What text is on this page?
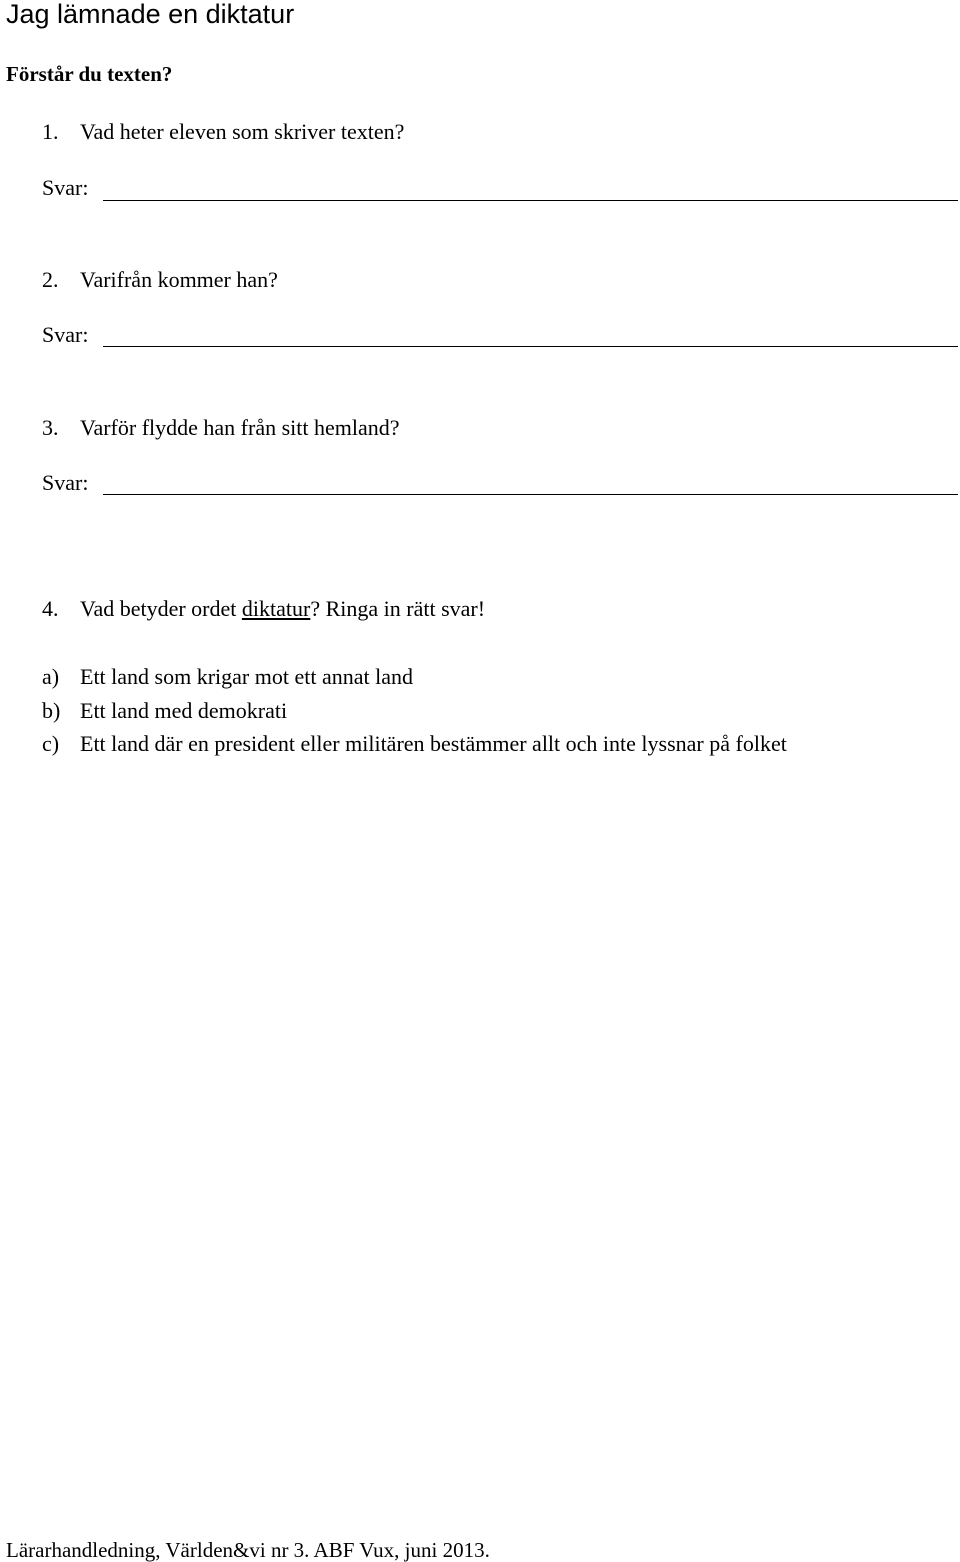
Jag lämnade en diktatur
Förstår du texten?
1. Vad heter eleven som skriver texten?
Svar:
2. Varifrån kommer han?
Svar:
3. Varför flydde han från sitt hemland?
Svar:
4. Vad betyder ordet diktatur? Ringa in rätt svar!
a) Ett land som krigar mot ett annat land
b) Ett land med demokrati
c) Ett land där en president eller militären bestämmer allt och inte lyssnar på folket
Lärarhandledning, Världen&vi nr 3. ABF Vux, juni 2013.
